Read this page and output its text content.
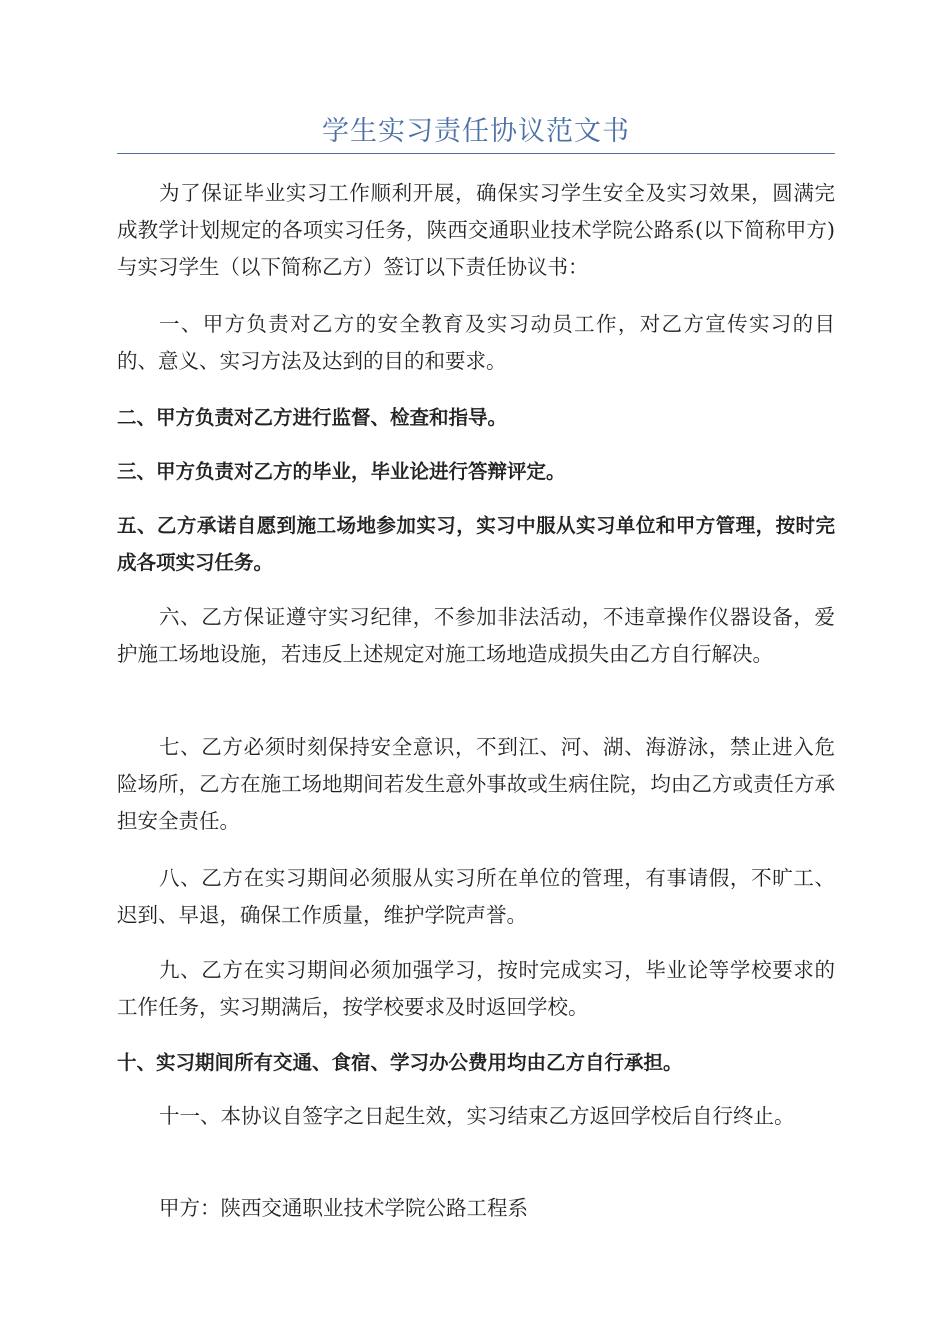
学生实习责任协议范文书

为了保证毕业实习工作顺利开展，确保实习学生安全及实习效果，圆满完成教学计划规定的各项实习任务，陕西交通职业技术学院公路系(以下简称甲方)与实习学生（以下简称乙方）签订以下责任协议书：

一、甲方负责对乙方的安全教育及实习动员工作，对乙方宣传实习的目的、意义、实习方法及达到的目的和要求。

二、甲方负责对乙方进行监督、检查和指导。

三、甲方负责对乙方的毕业，毕业论进行答辩评定。

五、乙方承诺自愿到施工场地参加实习，实习中服从实习单位和甲方管理，按时完成各项实习任务。

六、乙方保证遵守实习纪律，不参加非法活动，不违章操作仪器设备，爱护施工场地设施，若违反上述规定对施工场地造成损失由乙方自行解决。

七、乙方必须时刻保持安全意识，不到江、河、湖、海游泳，禁止进入危险场所，乙方在施工场地期间若发生意外事故或生病住院，均由乙方或责任方承担安全责任。

八、乙方在实习期间必须服从实习所在单位的管理，有事请假，不旷工、迟到、早退，确保工作质量，维护学院声誉。

九、乙方在实习期间必须加强学习，按时完成实习，毕业论等学校要求的工作任务，实习期满后，按学校要求及时返回学校。

十、实习期间所有交通、食宿、学习办公费用均由乙方自行承担。

十一、本协议自签字之日起生效，实习结束乙方返回学校后自行终止。

甲方：陕西交通职业技术学院公路工程系
